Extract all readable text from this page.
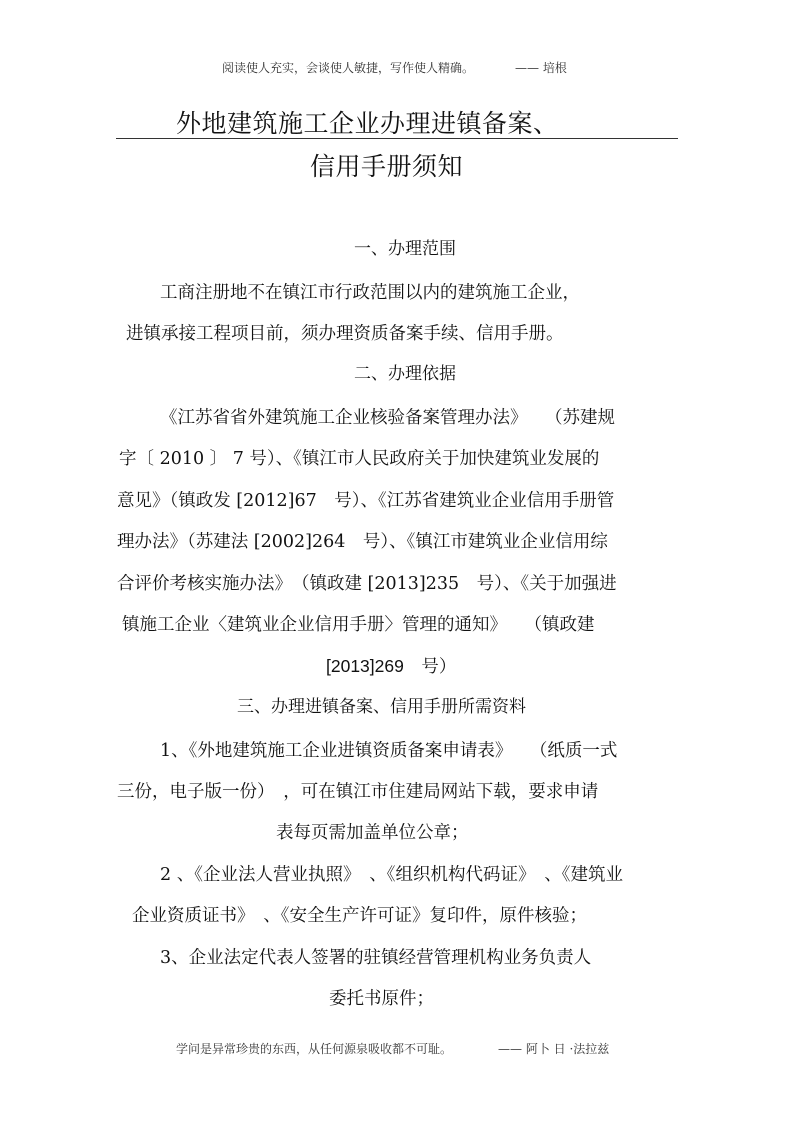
阅读使人充实，会谈使人敏捷，写作使人精确。	—— 培根
外地建筑施工企业办理进镇备案、
信用手册须知
一、办理范围
工商注册地不在镇江市行政范围以内的建筑施工企业，
进镇承接工程项目前，须办理资质备案手续、信用手册。
二、办理依据
《江苏省省外建筑施工企业核验备案管理办法》　　（苏建规
字〔 2010 〕 7 号）、《镇江市人民政府关于加快建筑业发展的
意见》（镇政发 [2012]67　号）、《江苏省建筑业企业信用手册管
理办法》（苏建法 [2002]264　号）、《镇江市建筑业企业信用综
合评价考核实施办法》　（镇政建 [2013]235　号）、《关于加强进
镇施工企业〈建筑业企业信用手册〉管理的通知》　　（镇政建
[2013]269　号）
三、办理进镇备案、信用手册所需资料
1、《外地建筑施工企业进镇资质备案申请表》　　（纸质一式
三份，电子版一份）　，可在镇江市住建局网站下载，要求申请
表每页需加盖单位公章；
2 、《企业法人营业执照》　、《组织机构代码证》　、《建筑业
企业资质证书》　、《安全生产许可证》复印件，原件核验；
3、企业法定代表人签署的驻镇经营管理机构业务负责人
委托书原件；
学问是异常珍贵的东西，从任何源泉吸收都不可耻。	—— 阿卜 日 ·法拉兹
